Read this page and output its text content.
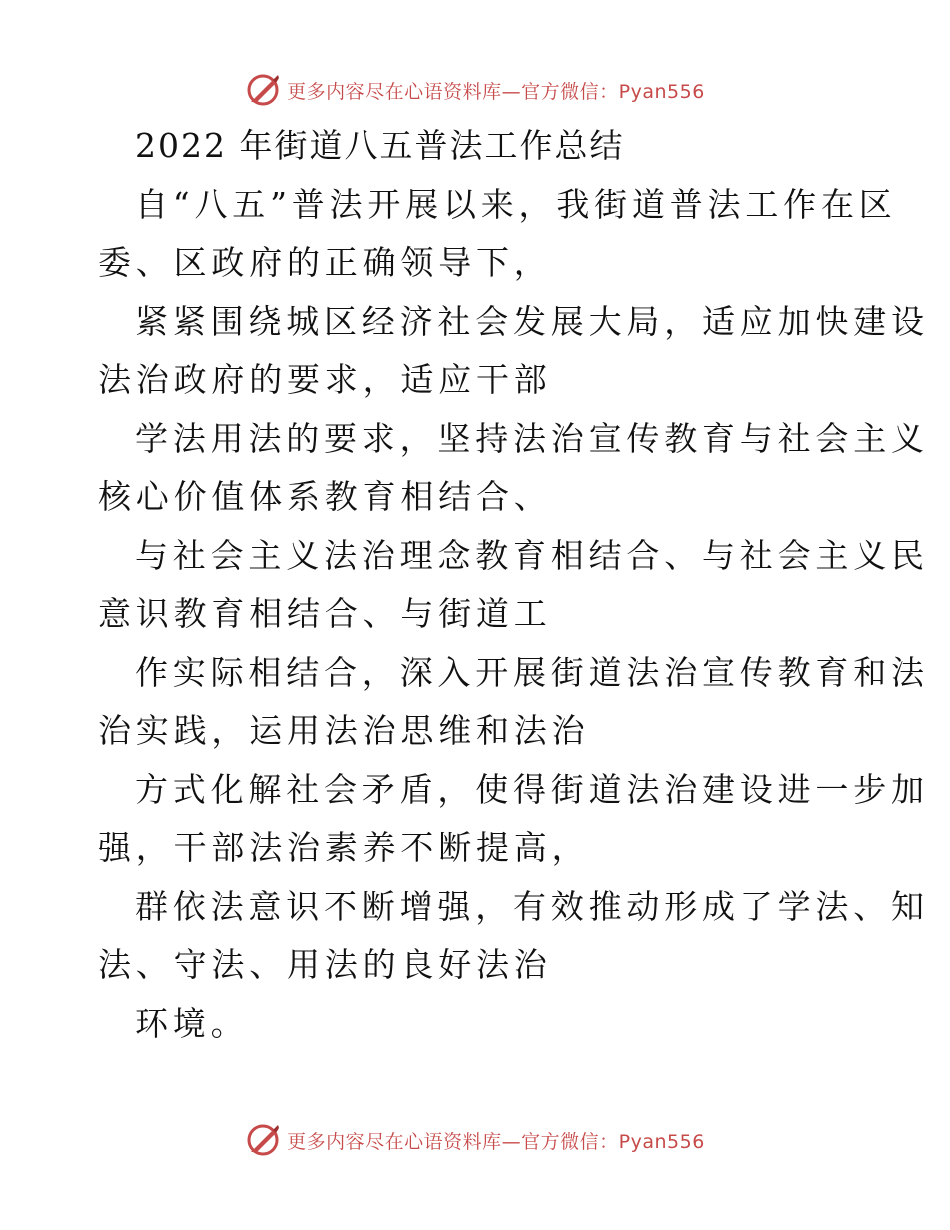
更多内容尽在心语资料库—官方微信：Pyan556
2022 年街道八五普法工作总结
自“八五”普法开展以来，我街道普法工作在区
委、区政府的正确领导下，
紧紧围绕城区经济社会发展大局，适应加快建设
法治政府的要求，适应干部
学法用法的要求，坚持法治宣传教育与社会主义
核心价值体系教育相结合、
与社会主义法治理念教育相结合、与社会主义民
意识教育相结合、与街道工
作实际相结合，深入开展街道法治宣传教育和法
治实践，运用法治思维和法治
方式化解社会矛盾，使得街道法治建设进一步加
强，干部法治素养不断提高，
群依法意识不断增强，有效推动形成了学法、知
法、守法、用法的良好法治
环境。
更多内容尽在心语资料库—官方微信：Pyan556
